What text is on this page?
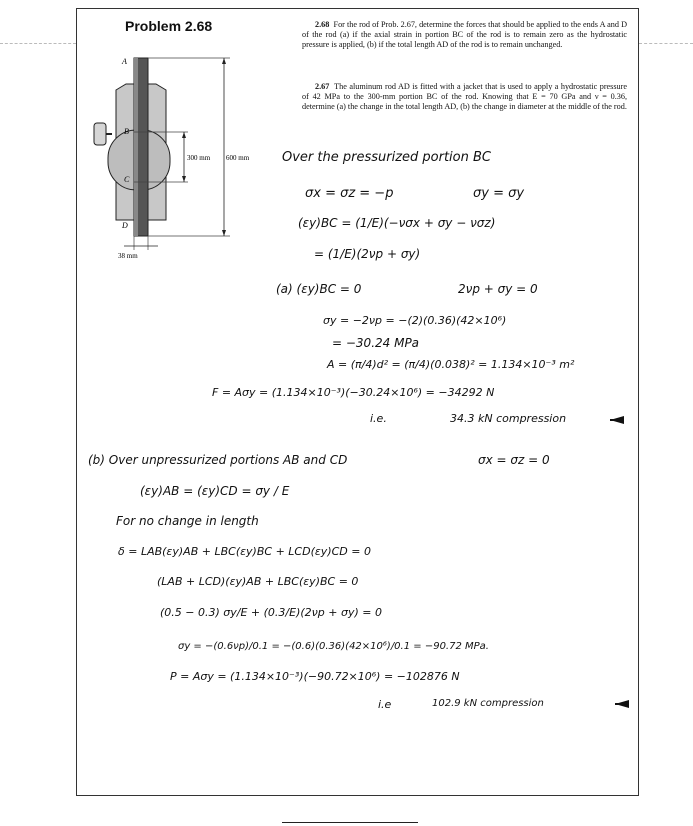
Problem 2.68	2.68 For the rod of Prob. 2.67, determine the forces that should be applied to the ends A and D of the rod (a) if the axial strain in portion BC of the rod is to remain zero as the hydrostatic pressure is applied, (b) if the total length AD of the rod is to remain unchanged.
2.67 The aluminum rod AD is fitted with a jacket that is used to apply a hydrostatic pressure of 42 MPa to the 300-mm portion BC of the rod. Knowing that E = 70 GPa and ν = 0.36, determine (a) the change in the total length AD, (b) the change in diameter at the middle of the rod.
A
B
C
D
300 mm 600 mm
38 mm
Over the pressurized portion BC
σx = σz = −p	σy = σy
(εy)BC = (1/E)(−νσx + σy − νσz)
= (1/E)(2νp + σy)
(a) (εy)BC = 0	2νp + σy = 0
σy = −2νp = −(2)(0.36)(42×10⁶)
= −30.24 MPa
A = (π/4)d² = (π/4)(0.038)² = 1.134×10⁻³ m²
F = Aσy = (1.134×10⁻³)(−30.24×10⁶) = −34292 N
i.e.	34.3 kN compression
(b) Over unpressurized portions AB and CD	σx = σz = 0
(εy)AB = (εy)CD = σy / E
For no change in length
δ = LAB(εy)AB + LBC(εy)BC + LCD(εy)CD = 0
(LAB + LCD)(εy)AB + LBC(εy)BC = 0
(0.5 − 0.3) σy/E + (0.3/E)(2νp + σy) = 0
σy = −(0.6νp)/0.1 = −(0.6)(0.36)(42×10⁶)/0.1 = −90.72 MPa.
P = Aσy = (1.134×10⁻³)(−90.72×10⁶) = −102876 N
i.e	102.9 kN compression
